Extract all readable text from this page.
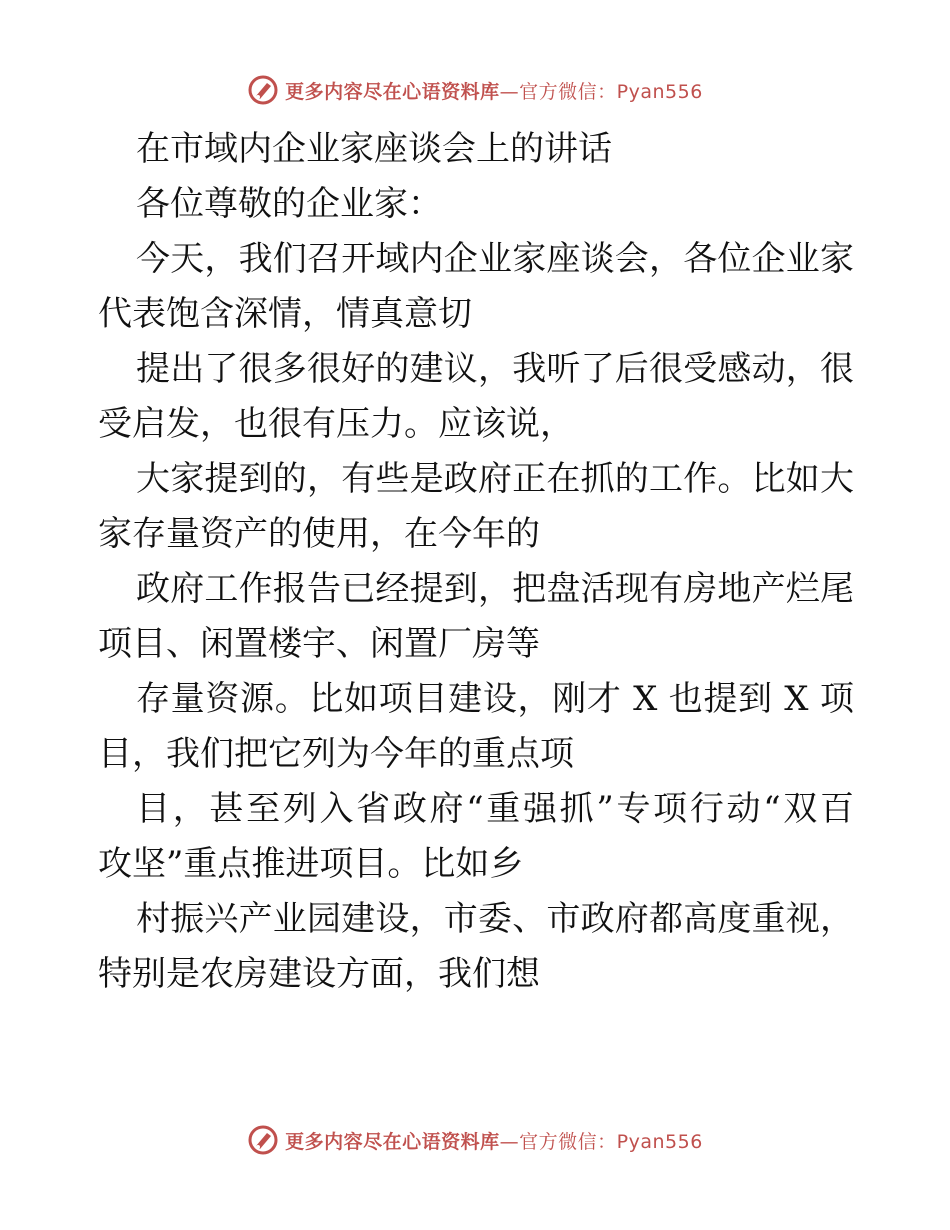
更多内容尽在心语资料库—官方微信：Pyan556
在市域内企业家座谈会上的讲话
各位尊敬的企业家：
今天，我们召开域内企业家座谈会，各位企业家
代表饱含深情，情真意切
提出了很多很好的建议，我听了后很受感动，很
受启发，也很有压力。应该说，
大家提到的，有些是政府正在抓的工作。比如大
家存量资产的使用，在今年的
政府工作报告已经提到，把盘活现有房地产烂尾
项目、闲置楼宇、闲置厂房等
存量资源。比如项目建设，刚才 X 也提到 X 项
目，我们把它列为今年的重点项
目，甚至列入省政府“重强抓”专项行动“双百
攻坚”重点推进项目。比如乡
村振兴产业园建设，市委、市政府都高度重视，
特别是农房建设方面，我们想
更多内容尽在心语资料库—官方微信：Pyan556
